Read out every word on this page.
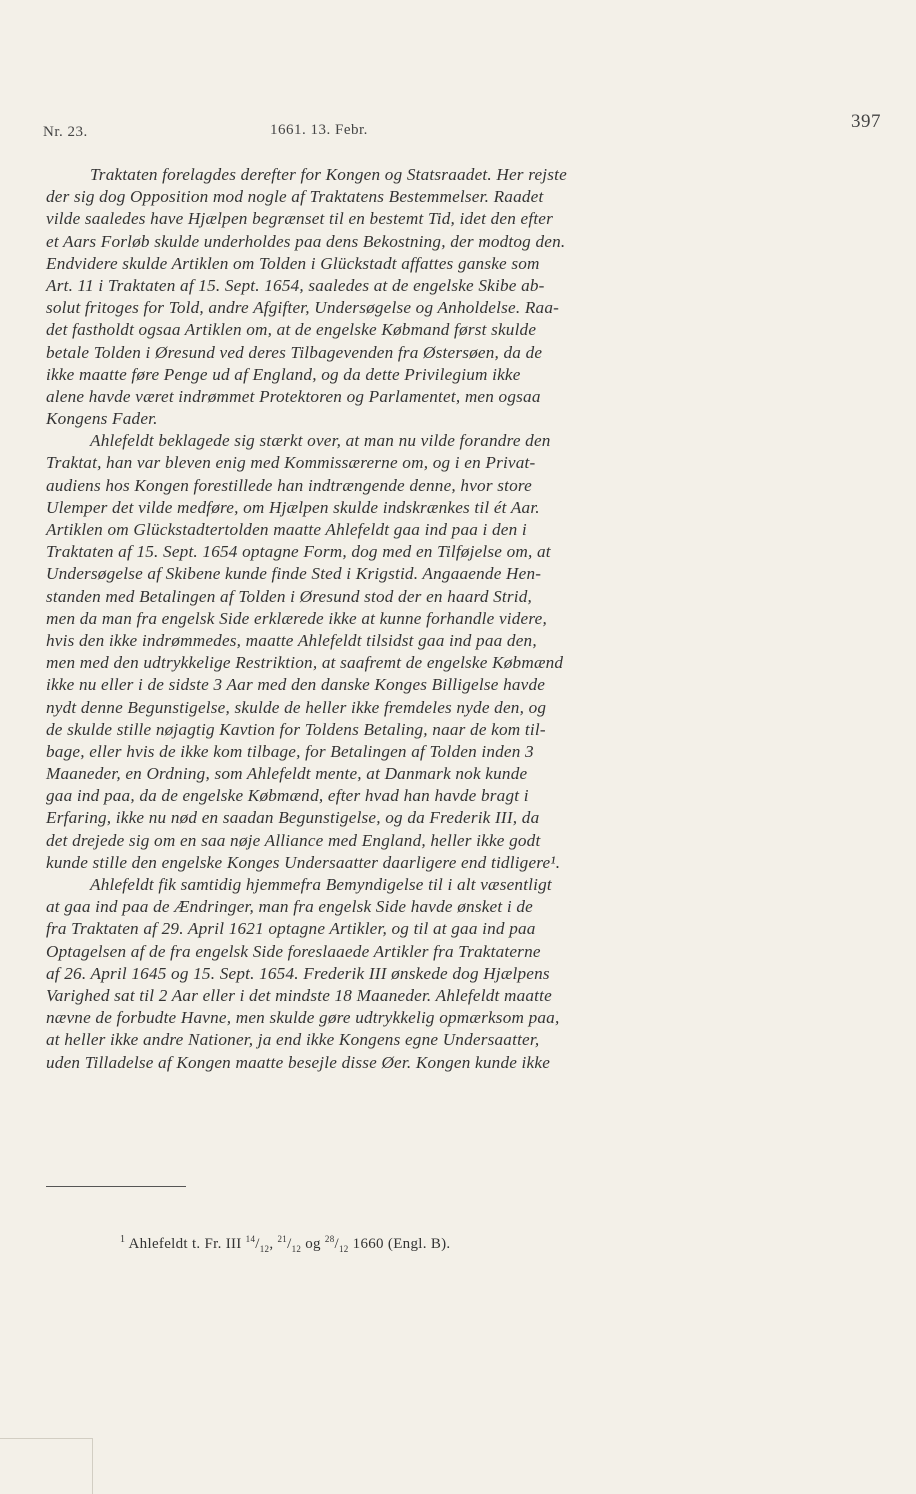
Nr. 23.	1661. 13. Febr.	397
Traktaten forelagdes derefter for Kongen og Statsraadet. Her rejste
der sig dog Opposition mod nogle af Traktatens Bestemmelser. Raadet
vilde saaledes have Hjælpen begrænset til en bestemt Tid, idet den efter
et Aars Forløb skulde underholdes paa dens Bekostning, der modtog den.
Endvidere skulde Artiklen om Tolden i Glückstadt affattes ganske som
Art. 11 i Traktaten af 15. Sept. 1654, saaledes at de engelske Skibe ab-
solut fritoges for Told, andre Afgifter, Undersøgelse og Anholdelse. Raa-
det fastholdt ogsaa Artiklen om, at de engelske Købmand først skulde
betale Tolden i Øresund ved deres Tilbagevenden fra Østersøen, da de
ikke maatte føre Penge ud af England, og da dette Privilegium ikke
alene havde været indrømmet Protektoren og Parlamentet, men ogsaa
Kongens Fader.
Ahlefeldt beklagede sig stærkt over, at man nu vilde forandre den
Traktat, han var bleven enig med Kommissærerne om, og i en Privat-
audiens hos Kongen forestillede han indtrængende denne, hvor store
Ulemper det vilde medføre, om Hjælpen skulde indskrænkes til ét Aar.
Artiklen om Glückstadtertolden maatte Ahlefeldt gaa ind paa i den i
Traktaten af 15. Sept. 1654 optagne Form, dog med en Tilføjelse om, at
Undersøgelse af Skibene kunde finde Sted i Krigstid. Angaaende Hen-
standen med Betalingen af Tolden i Øresund stod der en haard Strid,
men da man fra engelsk Side erklærede ikke at kunne forhandle videre,
hvis den ikke indrømmedes, maatte Ahlefeldt tilsidst gaa ind paa den,
men med den udtrykkelige Restriktion, at saafremt de engelske Købmænd
ikke nu eller i de sidste 3 Aar med den danske Konges Billigelse havde
nydt denne Begunstigelse, skulde de heller ikke fremdeles nyde den, og
de skulde stille nøjagtig Kavtion for Toldens Betaling, naar de kom til-
bage, eller hvis de ikke kom tilbage, for Betalingen af Tolden inden 3
Maaneder, en Ordning, som Ahlefeldt mente, at Danmark nok kunde
gaa ind paa, da de engelske Købmænd, efter hvad han havde bragt i
Erfaring, ikke nu nød en saadan Begunstigelse, og da Frederik III, da
det drejede sig om en saa nøje Alliance med England, heller ikke godt
kunde stille den engelske Konges Undersaatter daarligere end tidligere¹.
Ahlefeldt fik samtidig hjemmefra Bemyndigelse til i alt væsentligt
at gaa ind paa de Ændringer, man fra engelsk Side havde ønsket i de
fra Traktaten af 29. April 1621 optagne Artikler, og til at gaa ind paa
Optagelsen af de fra engelsk Side foreslaaede Artikler fra Traktaterne
af 26. April 1645 og 15. Sept. 1654. Frederik III ønskede dog Hjælpens
Varighed sat til 2 Aar eller i det mindste 18 Maaneder. Ahlefeldt maatte
nævne de forbudte Havne, men skulde gøre udtrykkelig opmærksom paa,
at heller ikke andre Nationer, ja end ikke Kongens egne Undersaatter,
uden Tilladelse af Kongen maatte besejle disse Øer. Kongen kunde ikke
$^1$ Ahlefeldt t. Fr. III $^{14}/_{12}$, $^{21}/_{12}$ og $^{28}/_{12}$ 1660 (Engl. B).
